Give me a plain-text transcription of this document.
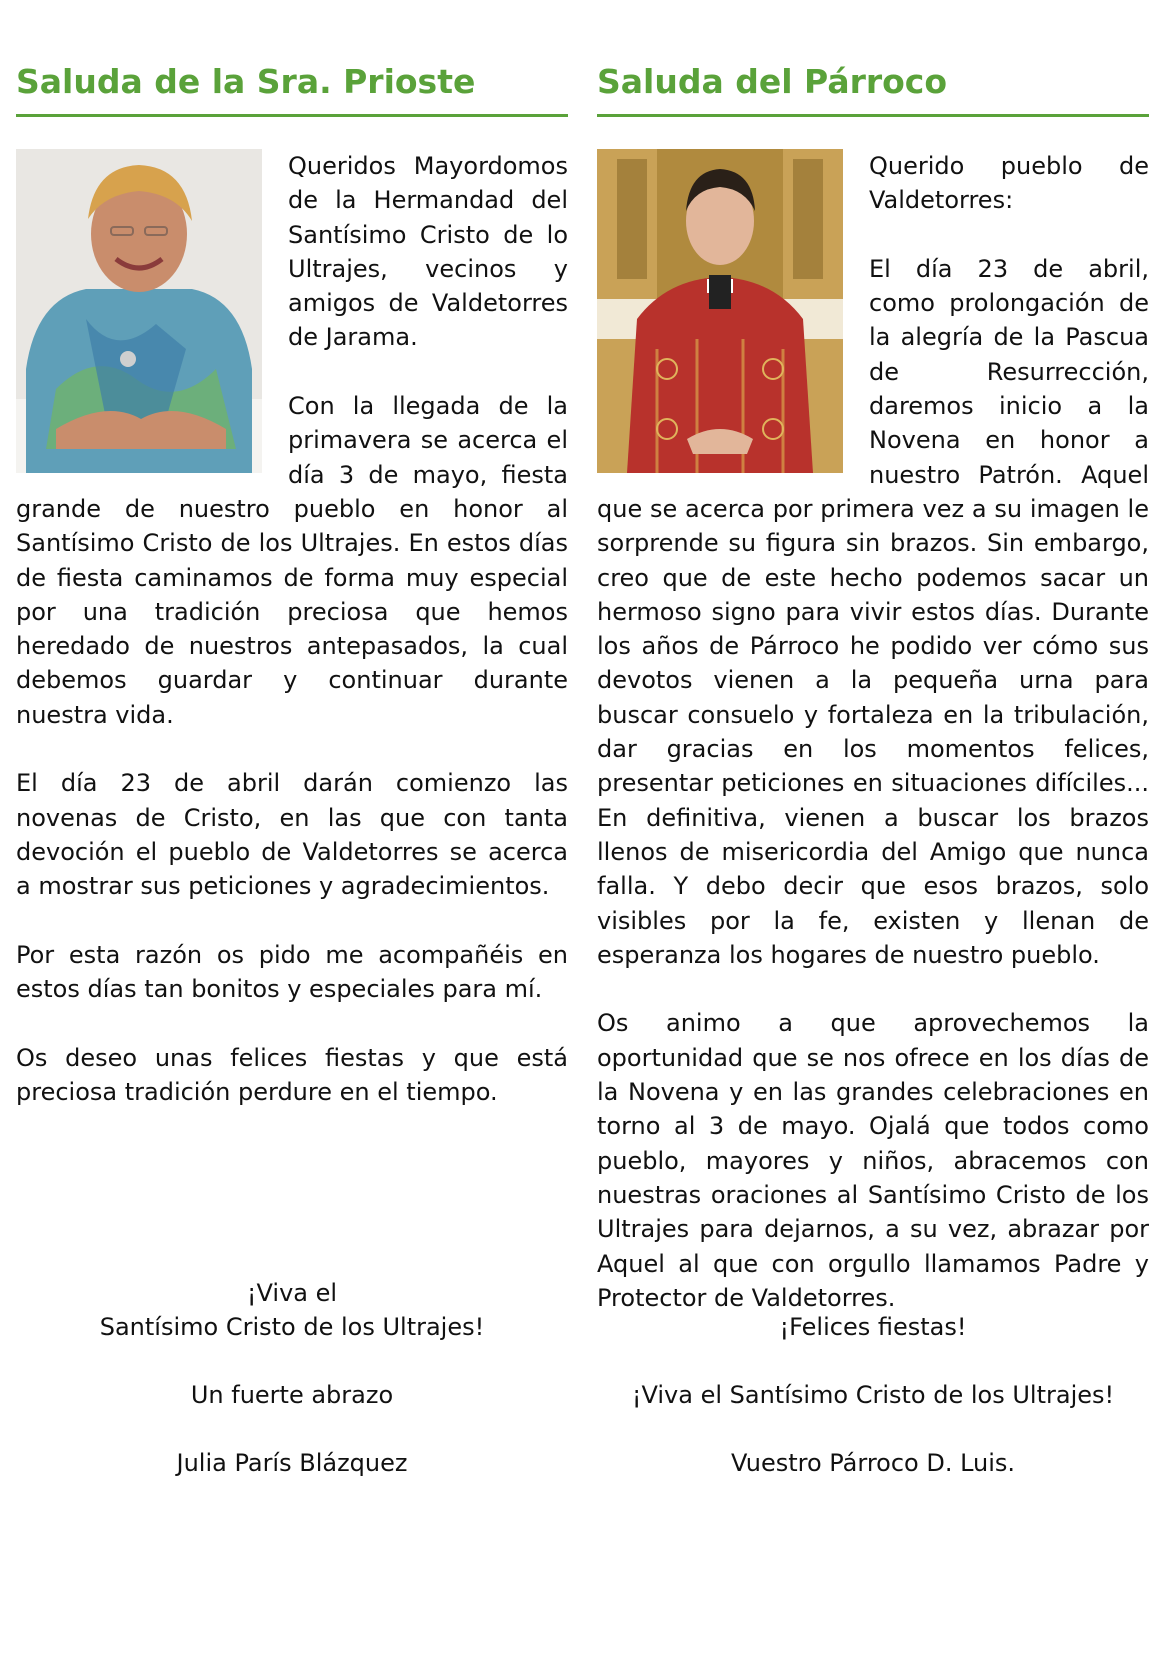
Saluda de la Sra. Prioste

Queridos Mayordomos de la Hermandad del Santísimo Cristo de lo Ultrajes, vecinos y amigos de Valdetorres de Jarama.

Con la llegada de la primavera se acerca el día 3 de mayo, fiesta grande de nuestro pueblo en honor al Santísimo Cristo de los Ultrajes. En estos días de fiesta caminamos de forma muy especial por una tradición preciosa que hemos heredado de nuestros antepasados, la cual debemos guardar y continuar durante nuestra vida.

El día 23 de abril darán comienzo las novenas de Cristo, en las que con tanta devoción el pueblo de Valdetorres se acerca a mostrar sus peticiones y agradecimientos.

Por esta razón os pido me acompañéis en estos días tan bonitos y especiales para mí.

Os deseo unas felices fiestas y que está preciosa tradición perdure en el tiempo.

¡Viva el

Santísimo Cristo de los Ultrajes!

Un fuerte abrazo

Julia París Blázquez

Saluda del Párroco

Querido pueblo de Valdetorres:

El día 23 de abril, como prolongación de la alegría de la Pascua de Resurrección, daremos inicio a la Novena en honor a nuestro Patrón. Aquel que se acerca por primera vez a su imagen le sorprende su figura sin brazos. Sin embargo, creo que de este hecho podemos sacar un hermoso signo para vivir estos días. Durante los años de Párroco he podido ver cómo sus devotos vienen a la pequeña urna para buscar consuelo y fortaleza en la tribulación, dar gracias en los momentos felices, presentar peticiones en situaciones difíciles... En definitiva, vienen a buscar los brazos llenos de misericordia del Amigo que nunca falla. Y debo decir que esos brazos, solo visibles por la fe, existen y llenan de esperanza los hogares de nuestro pueblo.

Os animo a que aprovechemos la oportunidad que se nos ofrece en los días de la Novena y en las grandes celebraciones en torno al 3 de mayo. Ojalá que todos como pueblo, mayores y niños, abracemos con nuestras oraciones al Santísimo Cristo de los Ultrajes para dejarnos, a su vez, abrazar por Aquel al que con orgullo llamamos Padre y Protector de Valdetorres.

¡Felices fiestas!

¡Viva el Santísimo Cristo de los Ultrajes!

Vuestro Párroco D. Luis.
